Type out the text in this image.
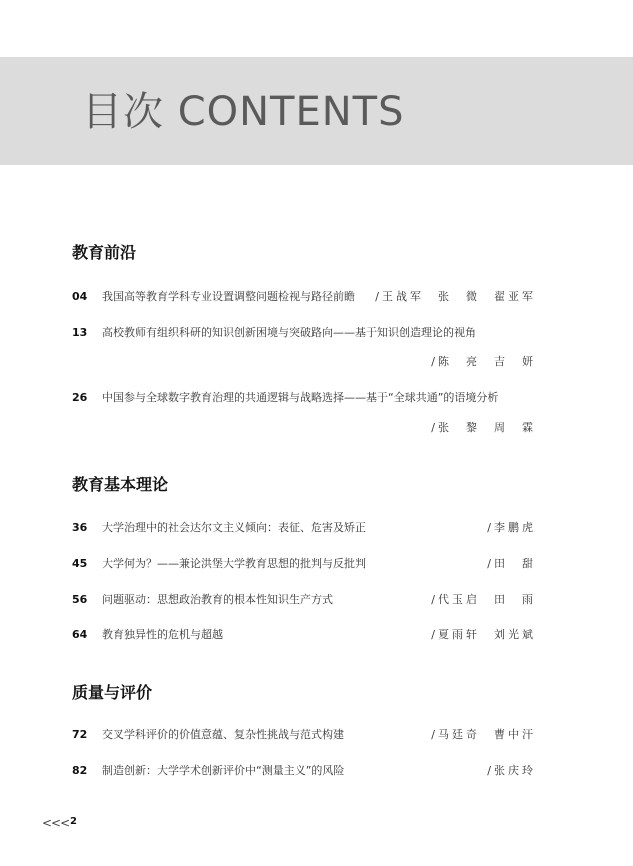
目次 CONTENTS
教育前沿
04 我国高等教育学科专业设置调整问题检视与路径前瞻 /王战军　张　微　翟亚军
13 高校教师有组织科研的知识创新困境与突破路向——基于知识创造理论的视角
/陈　亮　吉　妍
26 中国参与全球数字教育治理的共通逻辑与战略选择——基于“全球共通”的语境分析
/张　黎　周　霖
教育基本理论
36 大学治理中的社会达尔文主义倾向：表征、危害及矫正	/李鹏虎
45 大学何为？——兼论洪堡大学教育思想的批判与反批判	/田　甜
56 问题驱动：思想政治教育的根本性知识生产方式	/代玉启　田　雨
64 教育独异性的危机与超越	/夏雨轩　刘光斌
质量与评价
72 交叉学科评价的价值意蕴、复杂性挑战与范式构建	/马廷奇　曹中汗
82 制造创新：大学学术创新评价中“测量主义”的风险	/张庆玲
<<< 2
